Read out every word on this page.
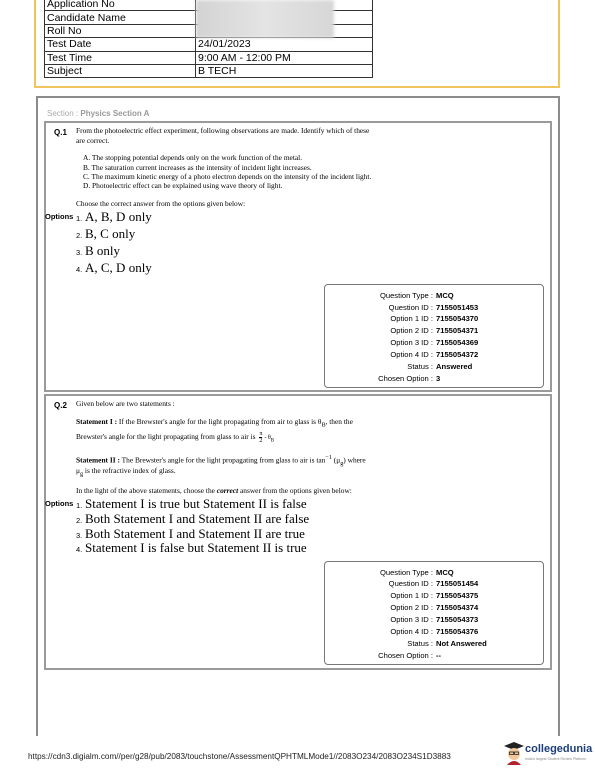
Application No	
Candidate Name	
Roll No	
Test Date	24/01/2023
Test Time	9:00 AM - 12:00 PM
Subject	B TECH
Section : Physics Section A
Q.1 From the photoelectric effect experiment, following observations are made. Identify which of these
are correct.
A. The stopping potential depends only on the work function of the metal.
B. The saturation current increases as the intensity of incident light increases.
C. The maximum kinetic energy of a photo electron depends on the intensity of the incident light.
D. Photoelectric effect can be explained using wave theory of light.
Choose the correct answer from the options given below:
Options 1. A, B, D only
2. B, C only
3. B only
4. A, C, D only
Question Type : MCQ
Question ID : 7155051453
Option 1 ID : 7155054370
Option 2 ID : 7155054371
Option 3 ID : 7155054369
Option 4 ID : 7155054372
Status : Answered
Chosen Option : 3
Q.2 Given below are two statements :
Statement I : If the Brewster's angle for the light propagating from air to glass is $\theta_B$, then the
Brewster's angle for the light propagating from glass to air is $\frac{\pi}{2} - \theta_B$
Statement II : The Brewster's angle for the light propagating from glass to air is $\tan^{-1} (\mu_g)$ where
$\mu_g$ is the refractive index of glass.
In the light of the above statements, choose the correct answer from the options given below:
Options 1. Statement I is true but Statement II is false
2. Both Statement I and Statement II are false
3. Both Statement I and Statement II are true
4. Statement I is false but Statement II is true
Question Type : MCQ
Question ID : 7155051454
Option 1 ID : 7155054375
Option 2 ID : 7155054374
Option 3 ID : 7155054373
Option 4 ID : 7155054376
Status : Not Answered
Chosen Option : --
https://cdn3.digialm.com//per/g28/pub/2083/touchstone/AssessmentQPHTMLMode1//2083O234/2083O234S1D3883
collegedunia
India's largest Student Review Platform
